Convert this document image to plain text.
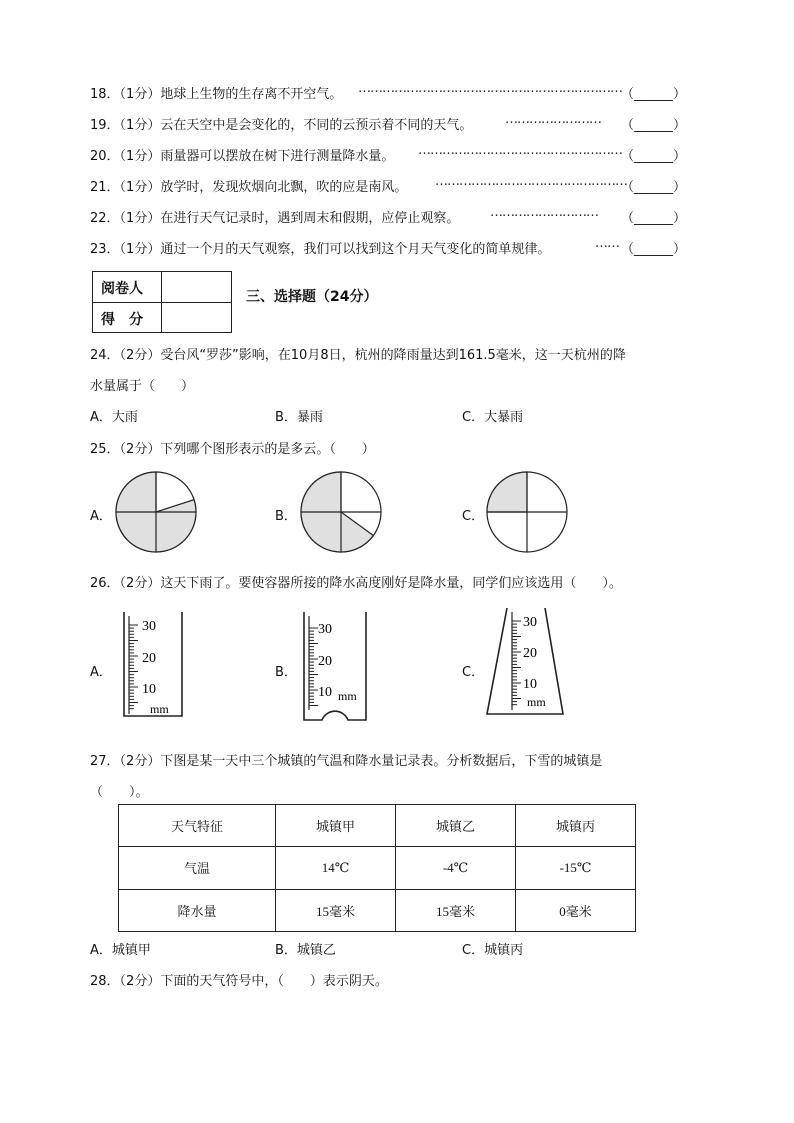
18．（1分）地球上生物的生存离不开空气。 …………………………………………………………
（______）
19．（1分）云在天空中是会变化的，不同的云预示着不同的天气。	…………………… （______）
20．（1分）雨量器可以摆放在树下进行测量降水量。 ……………………………………………
（______）
21．（1分）放学时，发现炊烟向北飘，吹的应是南风。 …………………………………………
（______）
22．（1分）在进行天气记录时，遇到周末和假期，应停止观察。 ……………………… （______）
23．（1分）通过一个月的天气观察，我们可以找到这个月天气变化的简单规律。	…… （______）
阅卷人
得　分
三、选择题（24分）
24．（2分）受台风“罗莎”影响，在10月8日，杭州的降雨量达到161.5毫米，这一天杭州的降
水量属于（　　）
A．大雨	B．暴雨	C．大暴雨
25．（2分）下列哪个图形表示的是多云。（　　）
A．	B．	C．
26．（2分）这天下雨了。要使容器所接的降水高度刚好是降水量，同学们应该选用（　　）。
A．	B．	C．
30
20
10
mm
30
20
10 mm
30
20
10
mm
27．（2分）下图是某一天中三个城镇的气温和降水量记录表。分析数据后，下雪的城镇是
（　　）。
天气特征	城镇甲	城镇乙	城镇丙
气温	14℃	-4℃	-15℃
降水量	15毫米	15毫米	0毫米
A．城镇甲	B．城镇乙	C．城镇丙
28．（2分）下面的天气符号中，（　　）表示阴天。
